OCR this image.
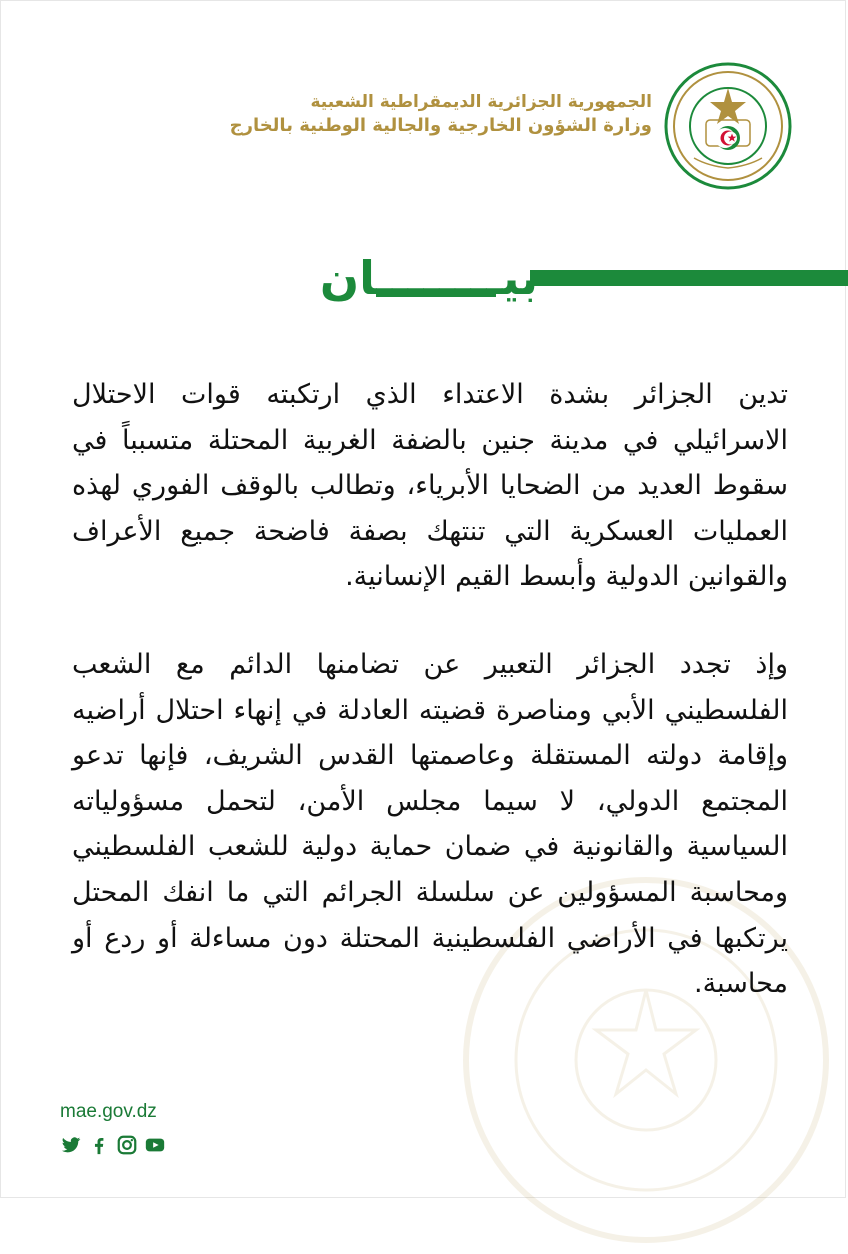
الجمهورية الجزائرية الديمقراطية الشعبية
وزارة الشؤون الخارجية والجالية الوطنية بالخارج
بيــــــــان

تدين الجزائر بشدة الاعتداء الذي ارتكبته قوات الاحتلال الاسرائيلي في مدينة جنين بالضفة الغربية المحتلة متسبباً في سقوط العديد من الضحايا الأبرياء، وتطالب بالوقف الفوري لهذه العمليات العسكرية التي تنتهك بصفة فاضحة جميع الأعراف والقوانين الدولية وأبسط القيم الإنسانية.

وإذ تجدد الجزائر التعبير عن تضامنها الدائم مع الشعب الفلسطيني الأبي ومناصرة قضيته العادلة في إنهاء احتلال أراضيه وإقامة دولته المستقلة وعاصمتها القدس الشريف، فإنها تدعو المجتمع الدولي، لا سيما مجلس الأمن، لتحمل مسؤولياته السياسية والقانونية في ضمان حماية دولية للشعب الفلسطيني ومحاسبة المسؤولين عن سلسلة الجرائم التي ما انفك المحتل يرتكبها في الأراضي الفلسطينية المحتلة دون مساءلة أو ردع أو محاسبة.

mae.gov.dz
